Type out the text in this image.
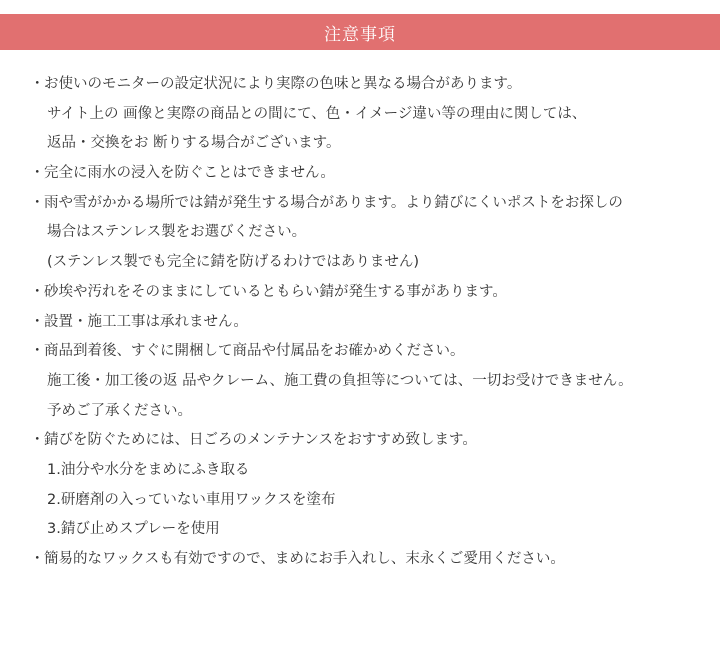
注意事項
・ お使いのモニターの設定状況により実際の色味と異なる場合があります。
サイト上の 画像と実際の商品との間にて、色・イメージ違い等の理由に関しては、
返品・交換をお 断りする場合がございます。
・ 完全に雨水の浸入を防ぐことはできません。
・ 雨や雪がかかる場所では錆が発生する場合があります。より錆びにくいポストをお探しの
場合はステンレス製をお選びください。
(ステンレス製でも完全に錆を防げるわけではありません)
・ 砂埃や汚れをそのままにしているともらい錆が発生する事があります。
・ 設置・施工工事は承れません。
・ 商品到着後、すぐに開梱して商品や付属品をお確かめください。
施工後・加工後の返 品やクレーム、施工費の負担等については、一切お受けできません。
予めご了承ください。
・ 錆びを防ぐためには、日ごろのメンテナンスをおすすめ致します。
1.油分や水分をまめにふき取る
2.研磨剤の入っていない車用ワックスを塗布
3.錆び止めスプレーを使用
・ 簡易的なワックスも有効ですので、まめにお手入れし、末永くご愛用ください。
